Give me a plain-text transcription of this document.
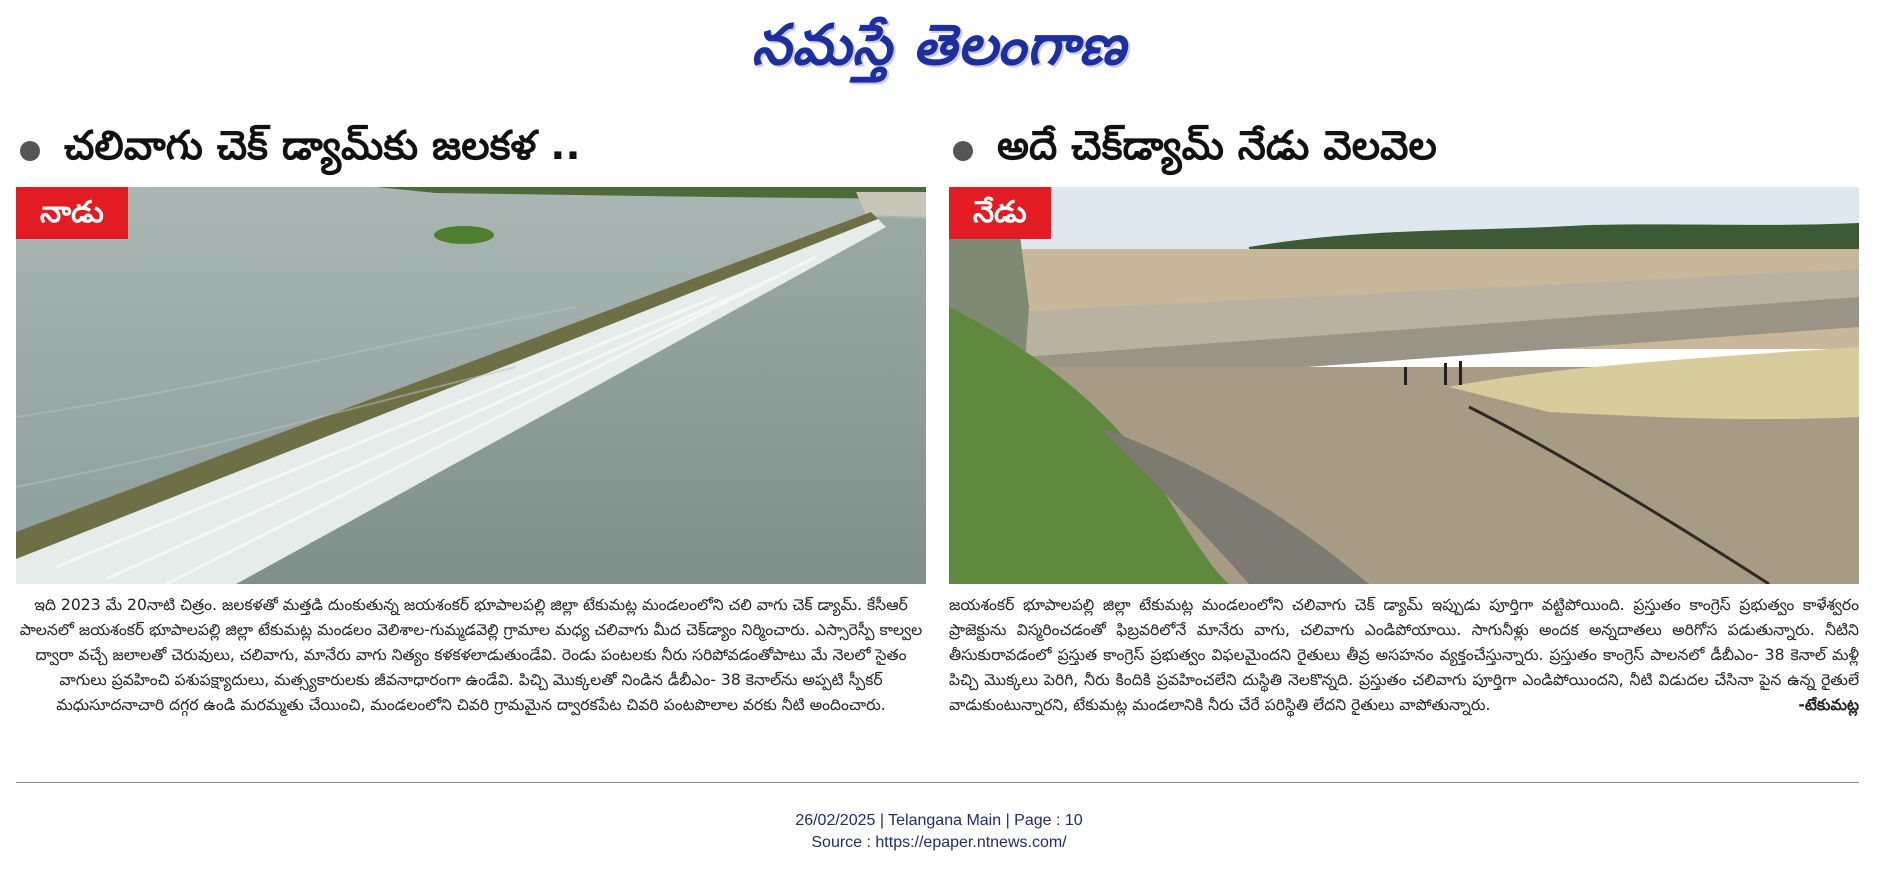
నమస్తే తెలంగాణ
చలివాగు చెక్ డ్యామ్‌కు జలకళ ..
నాడు
ఇది 2023 మే 20నాటి చిత్రం. జలకళతో మత్తడి దుంకుతున్న జయశంకర్ భూపాలపల్లి జిల్లా టేకుమట్ల మండలంలోని చలి వాగు చెక్ డ్యామ్. కేసీఆర్ పాలనలో జయశంకర్ భూపాలపల్లి జిల్లా టేకుమట్ల మండలం వెలిశాల-గుమ్మడవెల్లి గ్రామాల మధ్య చలివాగు మీద చెక్‌డ్యాం నిర్మించారు. ఎస్సారెస్పీ కాల్వల ద్వారా వచ్చే జలాలతో చెరువులు, చలివాగు, మానేరు వాగు నిత్యం కళకళలాడుతుండేవి. రెండు పంటలకు నీరు సరిపోవడంతోపాటు మే నెలలో సైతం వాగులు ప్రవహించి పశుపక్ష్యాదులు, మత్స్యకారులకు జీవనాధారంగా ఉండేవి. పిచ్చి మొక్కలతో నిండిన డీబీఎం- 38 కెనాల్‌ను అప్పటి స్పీకర్ మధుసూదనాచారి దగ్గర ఉండి మరమ్మతు చేయించి, మండలంలోని చివరి గ్రామమైన ద్వారకపేట చివరి పంటపొలాల వరకు నీటి అందించారు.
అదే చెక్‌డ్యామ్ నేడు వెలవెల
నేడు
జయశంకర్ భూపాలపల్లి జిల్లా టేకుమట్ల మండలంలోని చలివాగు చెక్ డ్యామ్ ఇప్పుడు పూర్తిగా వట్టిపోయింది. ప్రస్తుతం కాంగ్రెస్ ప్రభుత్వం కాళేశ్వరం ప్రాజెక్టును విస్మరించడంతో ఫిబ్రవరిలోనే మానేరు వాగు, చలివాగు ఎండిపోయాయి. సాగునీళ్లు అందక అన్నదాతలు అరిగోస పడుతున్నారు. నీటిని తీసుకురావడంలో ప్రస్తుత కాంగ్రెస్ ప్రభుత్వం విఫలమైందని రైతులు తీవ్ర అసహనం వ్యక్తంచేస్తున్నారు. ప్రస్తుతం కాంగ్రెస్ పాలనలో డీబీఎం- 38 కెనాల్ మళ్లీ పిచ్చి మొక్కలు పెరిగి, నీరు కిందికి ప్రవహించలేని దుస్థితి నెలకొన్నది. ప్రస్తుతం చలివాగు పూర్తిగా ఎండిపోయిందని, నీటి విడుదల చేసినా పైన ఉన్న రైతులే వాడుకుంటున్నారని, టేకుమట్ల మండలానికి నీరు చేరే పరిస్థితి లేదని రైతులు వాపోతున్నారు.	-టేకుమట్ల
26/02/2025 | Telangana Main | Page : 10
Source : https://epaper.ntnews.com/
